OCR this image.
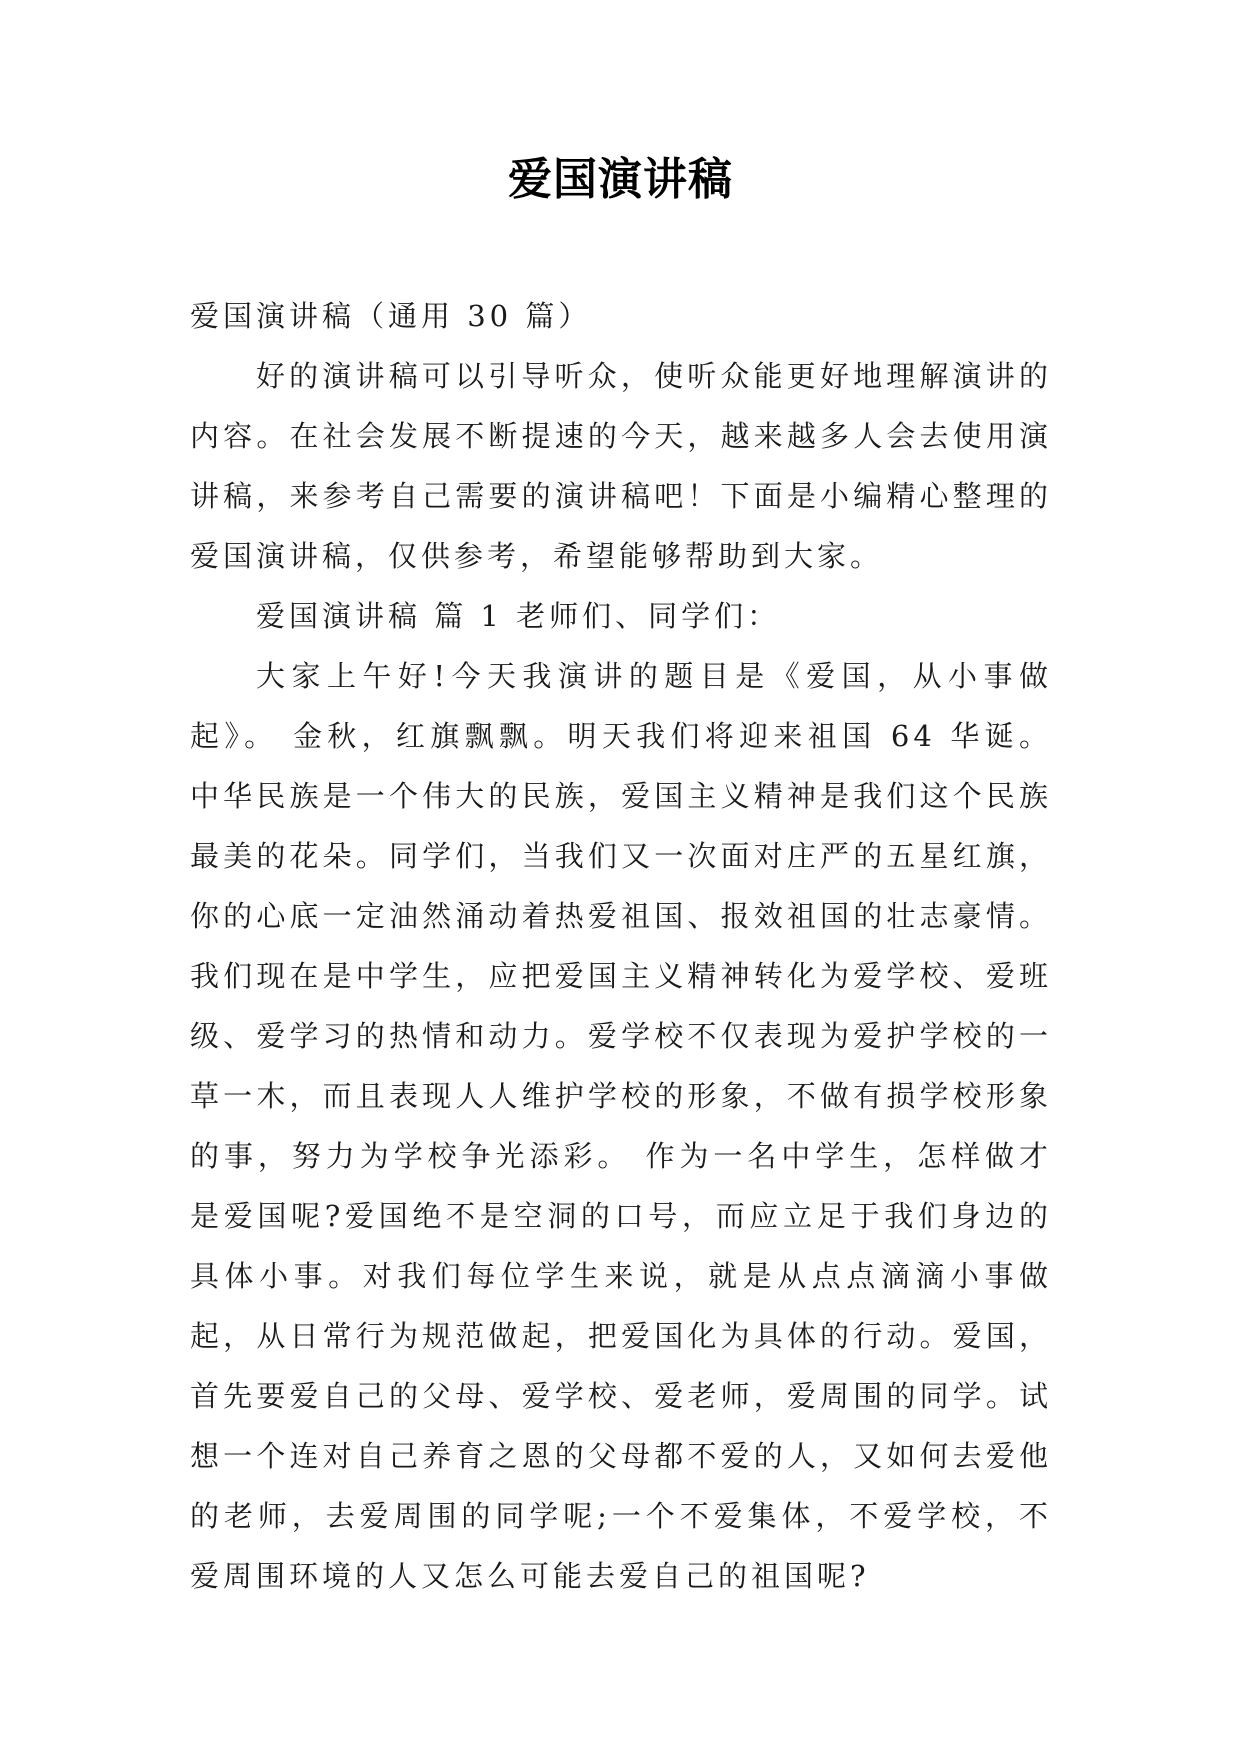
爱国演讲稿

爱国演讲稿（通用 30 篇）

好的演讲稿可以引导听众，使听众能更好地理解演讲的内容。在社会发展不断提速的今天，越来越多人会去使用演讲稿，来参考自己需要的演讲稿吧！下面是小编精心整理的爱国演讲稿，仅供参考，希望能够帮助到大家。

爱国演讲稿 篇 1 老师们、同学们：

大家上午好!今天我演讲的题目是《爱国，从小事做起》。 金秋，红旗飘飘。明天我们将迎来祖国 64 华诞。中华民族是一个伟大的民族，爱国主义精神是我们这个民族最美的花朵。同学们，当我们又一次面对庄严的五星红旗，你的心底一定油然涌动着热爱祖国、报效祖国的壮志豪情。我们现在是中学生，应把爱国主义精神转化为爱学校、爱班级、爱学习的热情和动力。爱学校不仅表现为爱护学校的一草一木，而且表现人人维护学校的形象，不做有损学校形象的事，努力为学校争光添彩。 作为一名中学生，怎样做才是爱国呢?爱国绝不是空洞的口号，而应立足于我们身边的具体小事。对我们每位学生来说，就是从点点滴滴小事做起，从日常行为规范做起，把爱国化为具体的行动。爱国，首先要爱自己的父母、爱学校、爱老师，爱周围的同学。试想一个连对自己养育之恩的父母都不爱的人，又如何去爱他的老师，去爱周围的同学呢;一个不爱集体，不爱学校，不爱周围环境的人又怎么可能去爱自己的祖国呢?
